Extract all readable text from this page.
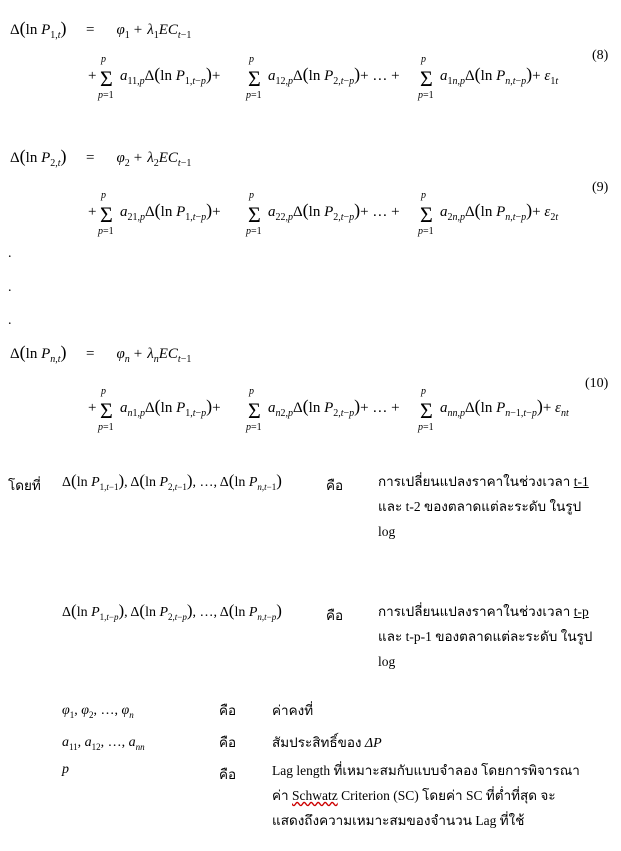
Δ(ln $P_{1,}t) = \varphi_1 + \lambda_1EC_t-1$
+
p
Σ
p=1
$a_{11,}p\Delta(\ln$ $P_{1,}t-p)+$
p
Σ
p=1
$a_{12,}p\Delta(\ln$ $P_{2,}t-p)+$ … +
p
Σ
p=1
$a_1n,p\Delta(\ln$ $P_n,t-p)+ \varepsilon_1t$
Δ(ln $P_{2,}t) = \varphi_2 + \lambda_2EC_t-1$
+
p
Σ
p=1
$a_{21,}p\Delta(\ln$ $P_{1,}t-p)+$
p
Σ
p=1
$a_{22,}p\Delta(\ln$ $P_{2,}t-p)+$ … +
p
Σ
p=1
$a_2n,p\Delta(\ln$ $P_n,t-p)+ \varepsilon_2t$
Δ(ln $P_n,t) = \varphi_n + \lambda_nEC_t-1$
+
p
Σ
p=1
$a_n1,p\Delta(\ln$ $P_{1,}t-p)+$
p
Σ
p=1
$a_n2,p\Delta(\ln$ $P_{2,}t-p)+$ … +
p
Σ
p=1
$a_{nn},p\Delta(\ln$ $P_n-1,t-p)+ \varepsilon_{nt}$
(8)
(9)
(10)
.
.
.
โดยที่ Δ(ln $P_{1,}t-1$), Δ(ln $P_{2,}t-1$), …, Δ(ln $P_n,t-1$)	คือ	การเปลี่ยนแปลงราคาในช่วงเวลา t-1
และ t-2 ของตลาดแต่ละระดับ ในรูป
log
Δ(ln $P_{1,}t-p$), Δ(ln $P_{2,}t-p$), …, Δ(ln $P_n,t-p$)	คือ	การเปลี่ยนแปลงราคาในช่วงเวลา t-p
และ t-p-1 ของตลาดแต่ละระดับ ในรูป
log
$\varphi_1$, $\varphi_2$, …, $\varphi_n$	คือ	ค่าคงที่
$a_{11}$, $a_{12}$, …, $a_{nn}$	คือ	สัมประสิทธิ์ของ ΔP
p	คือ	Lag length ที่เหมาะสมกับแบบจำลอง โดยการพิจารณา
ค่า Schwatz Criterion (SC) โดยค่า SC ที่ต่ำที่สุด จะ
แสดงถึงความเหมาะสมของจำนวน Lag ที่ใช้
